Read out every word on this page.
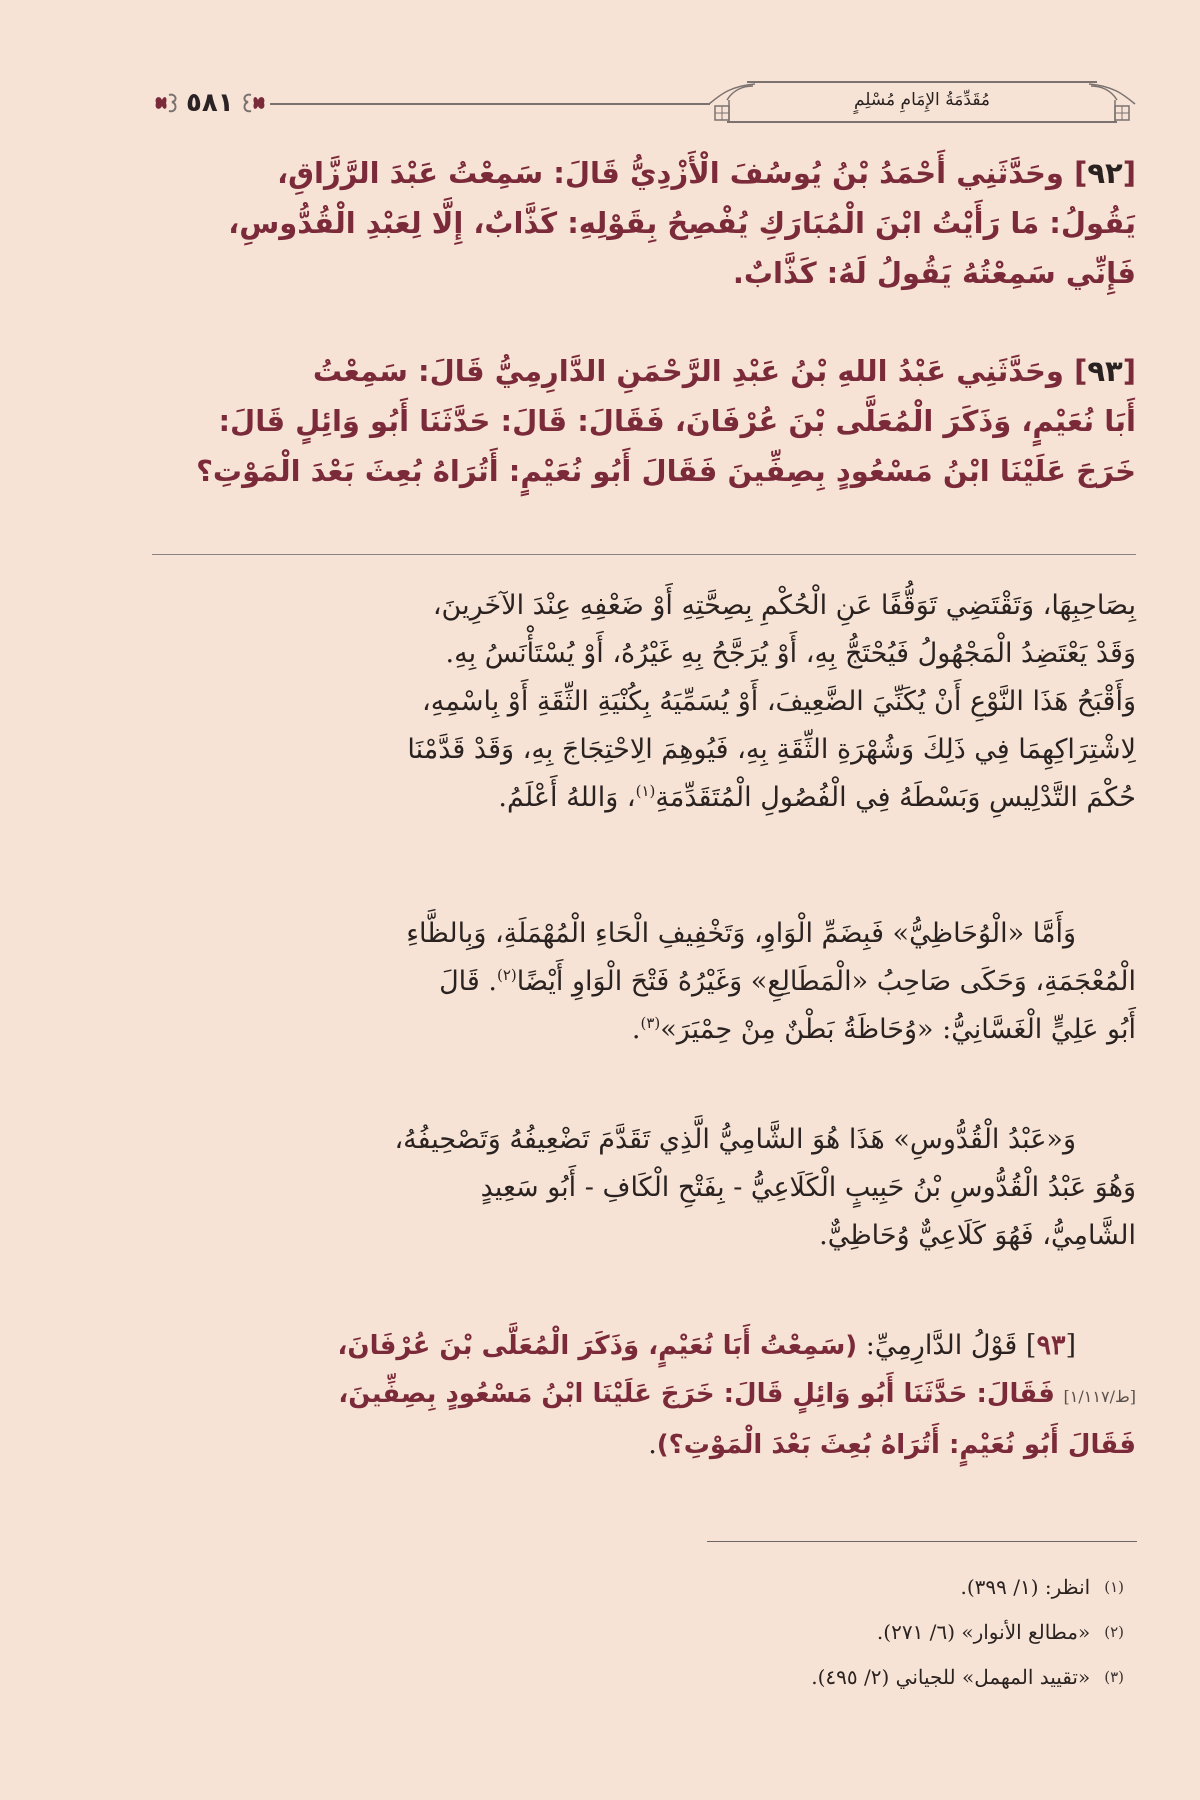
٥٨١	مُقَدِّمَةُ الإِمَامِ مُسْلِمٍ

[٩٢] وحَدَّثَنِي أَحْمَدُ بْنُ يُوسُفَ الْأَزْدِيُّ قَالَ: سَمِعْتُ عَبْدَ الرَّزَّاقِ،

يَقُولُ: مَا رَأَيْتُ ابْنَ الْمُبَارَكِ يُفْصِحُ بِقَوْلِهِ: كَذَّابٌ، إِلَّا لِعَبْدِ الْقُدُّوسِ،

فَإِنِّي سَمِعْتُهُ يَقُولُ لَهُ: كَذَّابٌ.

[٩٣] وحَدَّثَنِي عَبْدُ اللهِ بْنُ عَبْدِ الرَّحْمَنِ الدَّارِمِيُّ قَالَ: سَمِعْتُ

أَبَا نُعَيْمٍ، وَذَكَرَ الْمُعَلَّى بْنَ عُرْفَانَ، فَقَالَ: قَالَ: حَدَّثَنَا أَبُو وَائِلٍ قَالَ:

خَرَجَ عَلَيْنَا ابْنُ مَسْعُودٍ بِصِفِّينَ فَقَالَ أَبُو نُعَيْمٍ: أَتُرَاهُ بُعِثَ بَعْدَ الْمَوْتِ؟

بِصَاحِبِهَا، وَتَقْتَضِي تَوَقُّفًا عَنِ الْحُكْمِ بِصِحَّتِهِ أَوْ ضَعْفِهِ عِنْدَ الآخَرِينَ،

وَقَدْ يَعْتَضِدُ الْمَجْهُولُ فَيُحْتَجُّ بِهِ، أَوْ يُرَجَّحُ بِهِ غَيْرُهُ، أَوْ يُسْتَأْنَسُ بِهِ.

وَأَقْبَحُ هَذَا النَّوْعِ أَنْ يُكَنِّيَ الضَّعِيفَ، أَوْ يُسَمِّيَهُ بِكُنْيَةِ الثِّقَةِ أَوْ بِاسْمِهِ،

لِاشْتِرَاكِهِمَا فِي ذَلِكَ وَشُهْرَةِ الثِّقَةِ بِهِ، فَيُوهِمَ الِاحْتِجَاجَ بِهِ، وَقَدْ قَدَّمْنَا

حُكْمَ التَّدْلِيسِ وَبَسْطَهُ فِي الْفُصُولِ الْمُتَقَدِّمَةِ$^{(١)}$، وَاللهُ أَعْلَمُ.

وَأَمَّا «الْوُحَاظِيُّ» فَبِضَمِّ الْوَاوِ، وَتَخْفِيفِ الْحَاءِ الْمُهْمَلَةِ، وَبِالظَّاءِ

الْمُعْجَمَةِ، وَحَكَى صَاحِبُ «الْمَطَالِعِ» وَغَيْرُهُ فَتْحَ الْوَاوِ أَيْضًا$^{(٢)}$. قَالَ

أَبُو عَلِيٍّ الْغَسَّانِيُّ: «وُحَاظَةُ بَطْنٌ مِنْ حِمْيَرَ»$^{(٣)}$.

وَ«عَبْدُ الْقُدُّوسِ» هَذَا هُوَ الشَّامِيُّ الَّذِي تَقَدَّمَ تَضْعِيفُهُ وَتَصْحِيفُهُ،

وَهُوَ عَبْدُ الْقُدُّوسِ بْنُ حَبِيبٍ الْكَلَاعِيُّ - بِفَتْحِ الْكَافِ - أَبُو سَعِيدٍ

الشَّامِيُّ، فَهُوَ كَلَاعِيٌّ وُحَاظِيٌّ.

[٩٣] قَوْلُ الدَّارِمِيِّ: (سَمِعْتُ أَبَا نُعَيْمٍ، وَذَكَرَ الْمُعَلَّى بْنَ عُرْفَانَ،

[ط/١/١١٧] فَقَالَ: حَدَّثَنَا أَبُو وَائِلٍ قَالَ: خَرَجَ عَلَيْنَا ابْنُ مَسْعُودٍ بِصِفِّينَ،

فَقَالَ أَبُو نُعَيْمٍ: أَتُرَاهُ بُعِثَ بَعْدَ الْمَوْتِ؟).

(١)
انظر: (١/ ٣٩٩).
(٢)
«مطالع الأنوار» (٦/ ٢٧١).
(٣)
«تقييد المهمل» للجياني (٢/ ٤٩٥).
